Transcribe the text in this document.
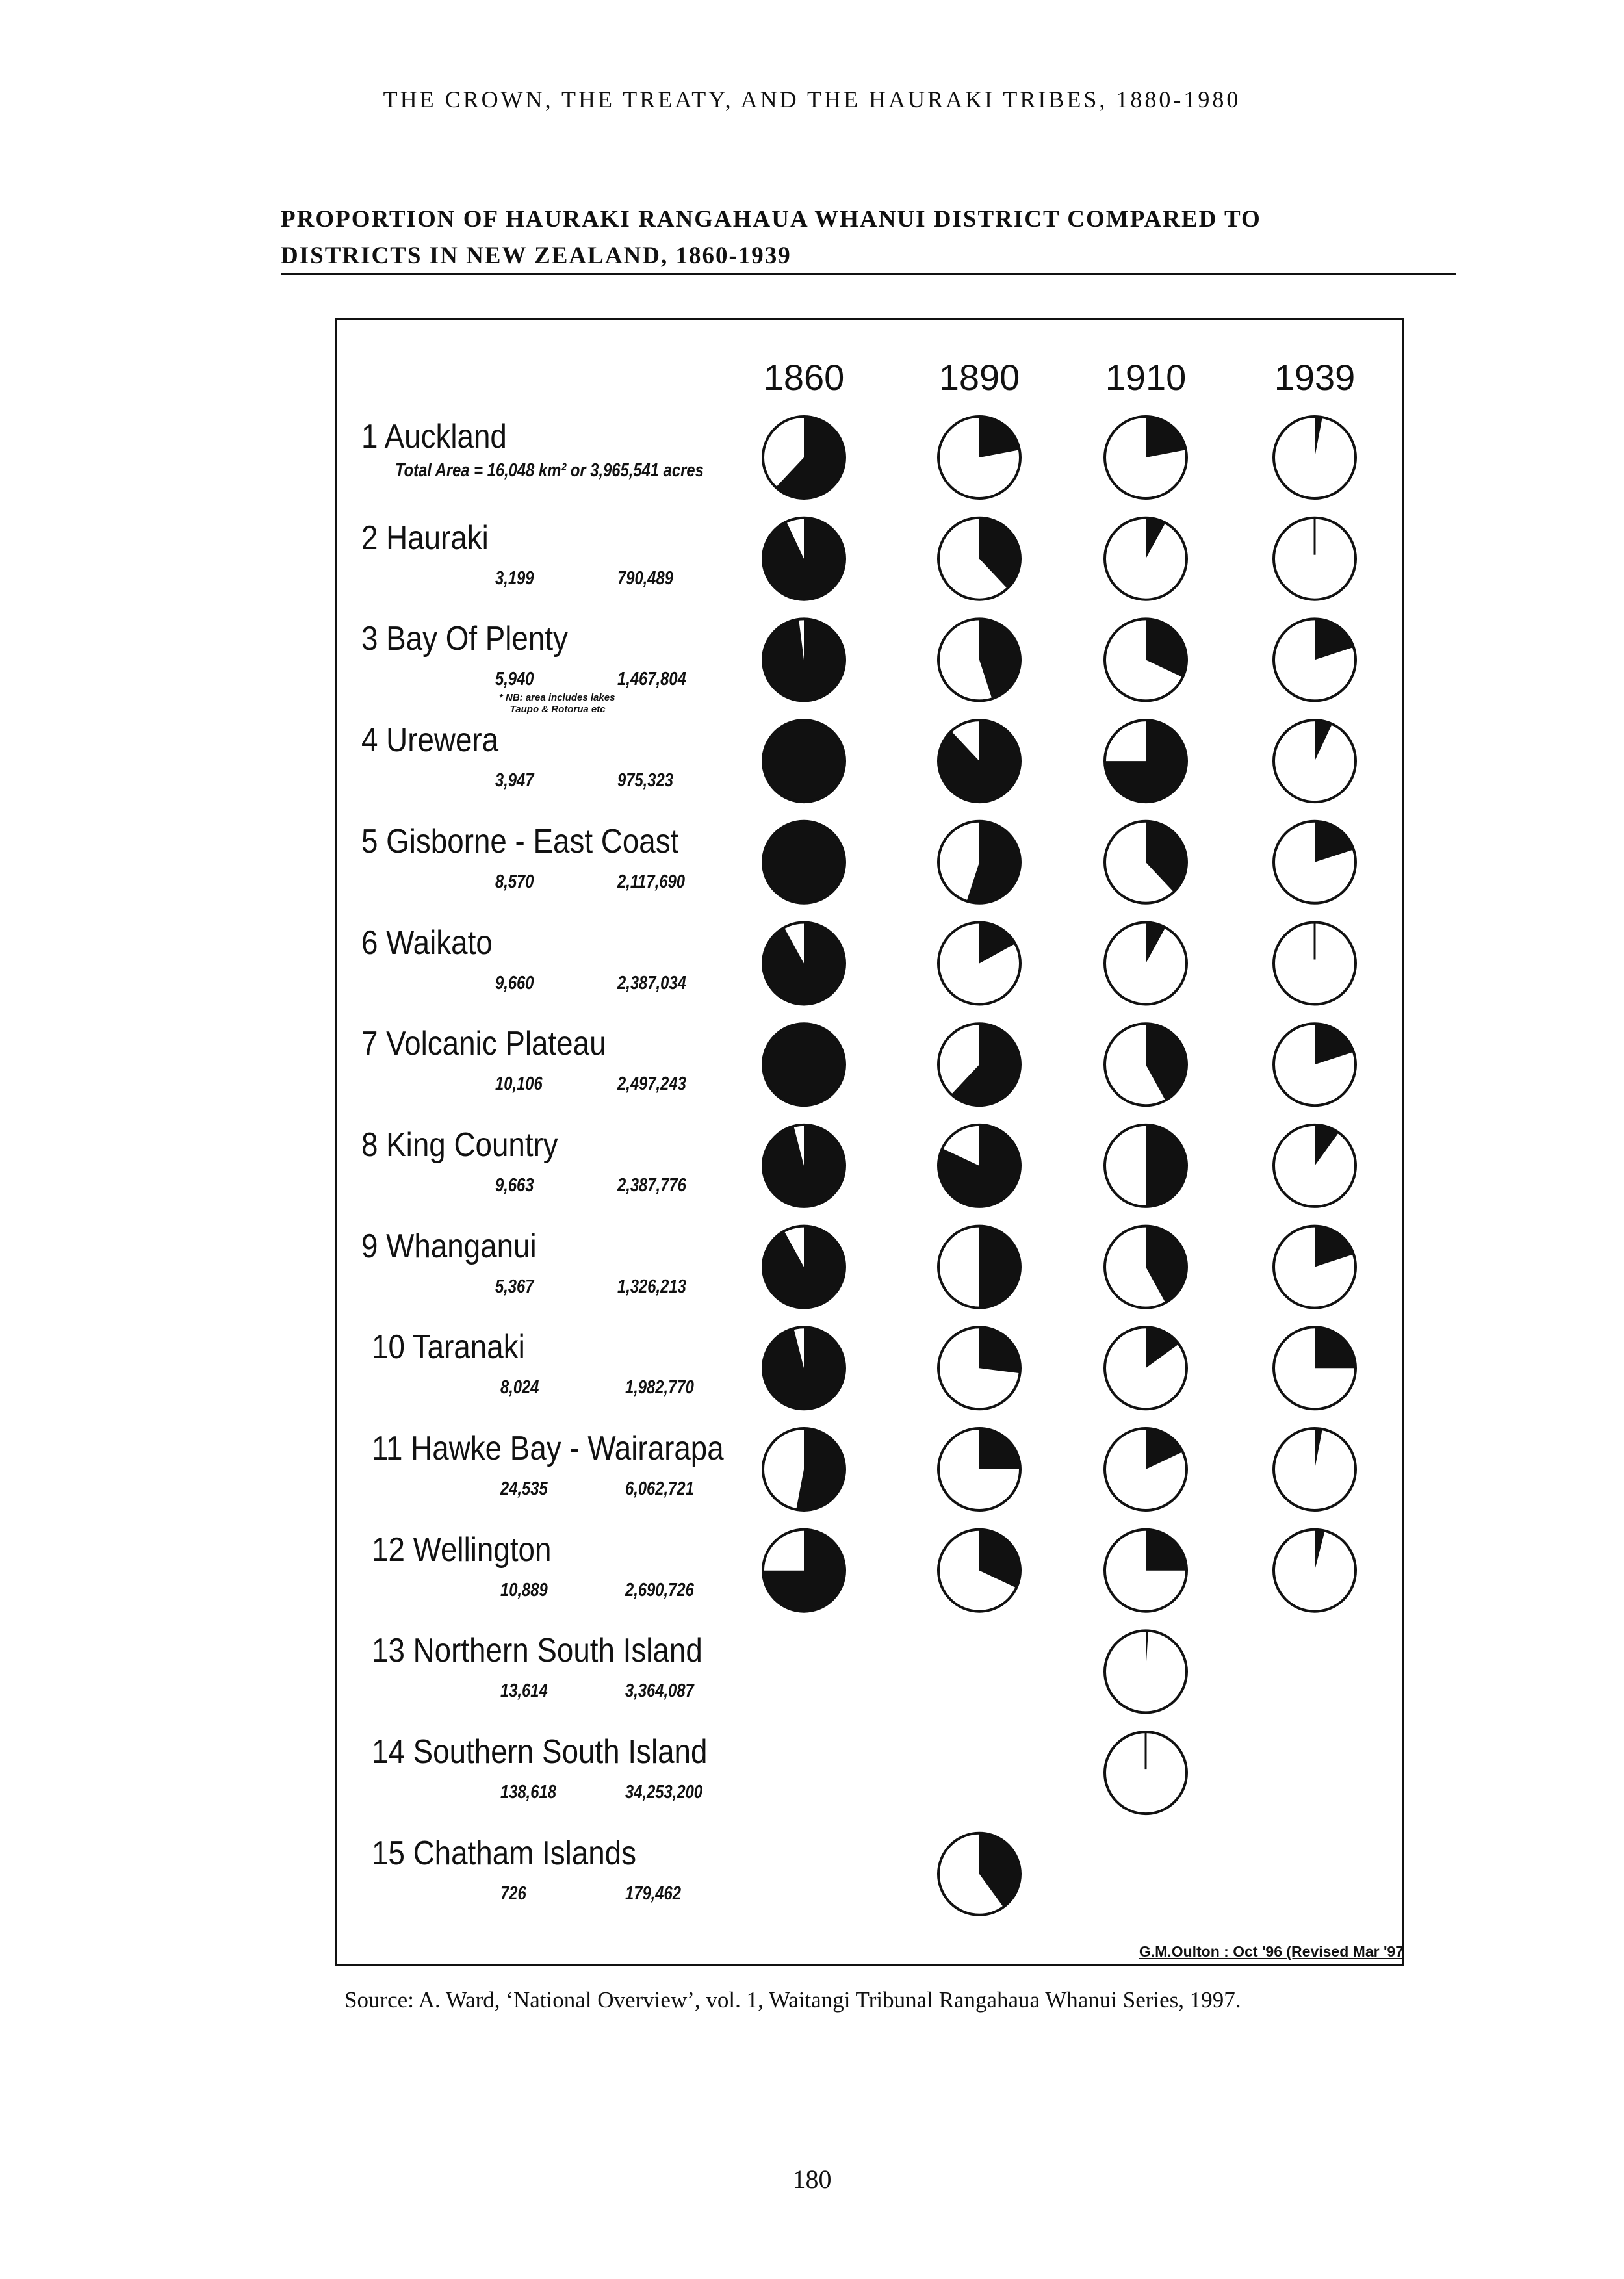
THE CROWN, THE TREATY, AND THE HAURAKI TRIBES, 1880-1980
PROPORTION OF HAURAKI RANGAHAUA WHANUI DISTRICT COMPARED TO
DISTRICTS IN NEW ZEALAND, 1860-1939
1860	1890	1910	1939
1 Auckland
Total Area = 16,048 km² or 3,965,541 acres
2 Hauraki
3,199	790,489
3 Bay Of Plenty
5,940	1,467,804
* NB: area includes lakes
Taupo & Rotorua etc
4 Urewera
3,947	975,323
5 Gisborne - East Coast
8,570	2,117,690
6 Waikato
9,660	2,387,034
7 Volcanic Plateau
10,106	2,497,243
8 King Country
9,663	2,387,776
9 Whanganui
5,367	1,326,213
10 Taranaki
8,024	1,982,770
11 Hawke Bay - Wairarapa
24,535	6,062,721
12 Wellington
10,889	2,690,726
13 Northern South Island
13,614	3,364,087
14 Southern South Island
138,618	34,253,200
15 Chatham Islands
726	179,462
G.M.Oulton : Oct '96 (Revised Mar '97
Source: A. Ward, ‘National Overview’, vol. 1, Waitangi Tribunal Rangahaua Whanui Series, 1997.
180
